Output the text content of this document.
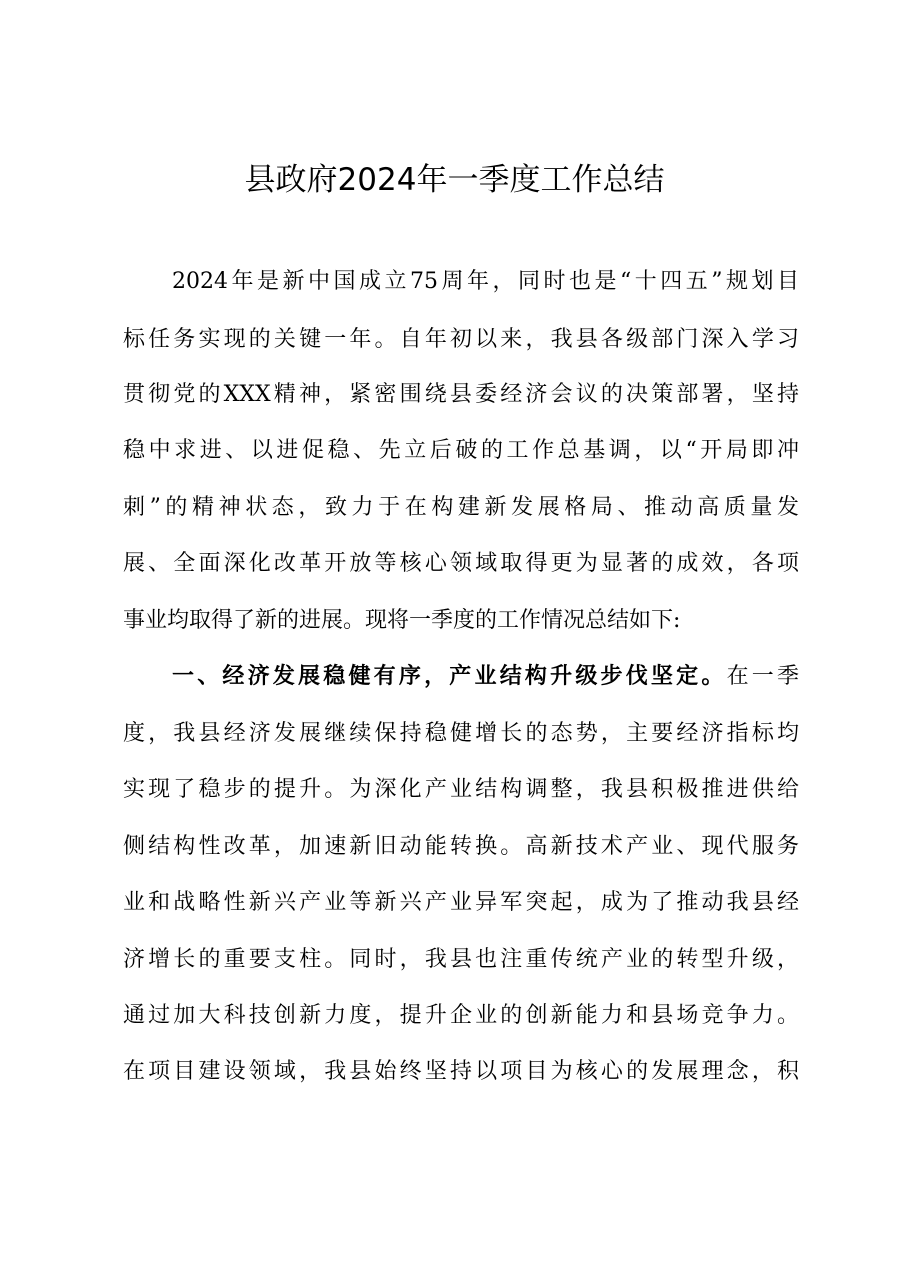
县政府2024年一季度工作总结
2024年是新中国成立75周年，同时也是“十四五”规划目
标任务实现的关键一年。自年初以来，我县各级部门深入学习
贯彻党的XXX精神，紧密围绕县委经济会议的决策部署，坚持
稳中求进、以进促稳、先立后破的工作总基调，以“开局即冲
刺”的精神状态，致力于在构建新发展格局、推动高质量发
展、全面深化改革开放等核心领域取得更为显著的成效，各项
事业均取得了新的进展。现将一季度的工作情况总结如下:
一、经济发展稳健有序，产业结构升级步伐坚定。在一季
度，我县经济发展继续保持稳健增长的态势，主要经济指标均
实现了稳步的提升。为深化产业结构调整，我县积极推进供给
侧结构性改革，加速新旧动能转换。高新技术产业、现代服务
业和战略性新兴产业等新兴产业异军突起，成为了推动我县经
济增长的重要支柱。同时，我县也注重传统产业的转型升级，
通过加大科技创新力度，提升企业的创新能力和县场竞争力。
在项目建设领域，我县始终坚持以项目为核心的发展理念，积
